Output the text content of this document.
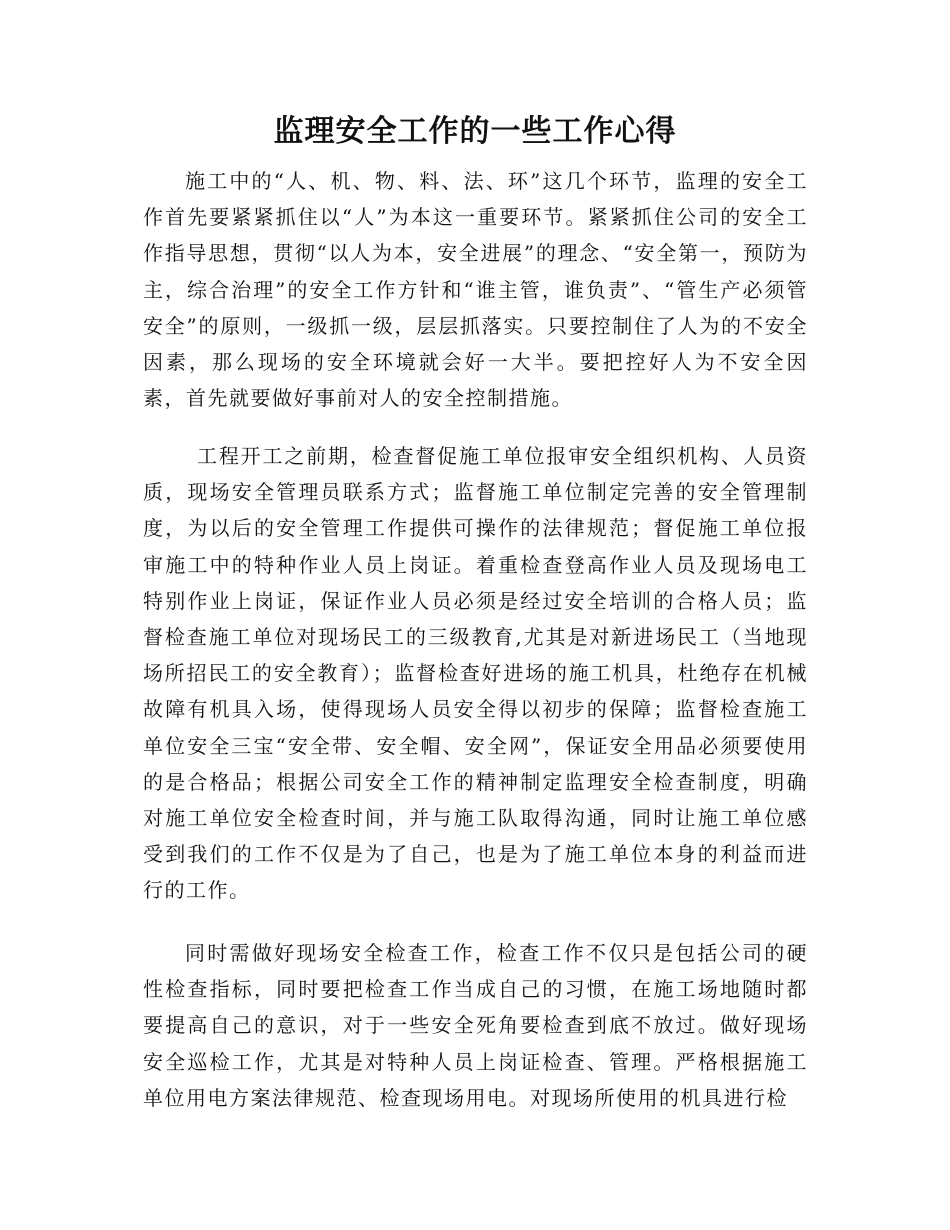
监理安全工作的一些工作心得

施工中的“人、机、物、料、法、环”这几个环节，监理的安全工作首先要紧紧抓住以“人”为本这一重要环节。紧紧抓住公司的安全工作指导思想，贯彻“以人为本，安全进展”的理念、“安全第一，预防为主，综合治理”的安全工作方针和“谁主管，谁负责”、“管生产必须管安全”的原则，一级抓一级，层层抓落实。只要控制住了人为的不安全因素，那么现场的安全环境就会好一大半。要把控好人为不安全因素，首先就要做好事前对人的安全控制措施。

工程开工之前期，检查督促施工单位报审安全组织机构、人员资质，现场安全管理员联系方式；监督施工单位制定完善的安全管理制度，为以后的安全管理工作提供可操作的法律规范；督促施工单位报审施工中的特种作业人员上岗证。着重检查登高作业人员及现场电工特别作业上岗证，保证作业人员必须是经过安全培训的合格人员；监督检查施工单位对现场民工的三级教育,尤其是对新进场民工（当地现场所招民工的安全教育）；监督检查好进场的施工机具，杜绝存在机械故障有机具入场，使得现场人员安全得以初步的保障；监督检查施工单位安全三宝“安全带、安全帽、安全网”，保证安全用品必须要使用的是合格品；根据公司安全工作的精神制定监理安全检查制度，明确对施工单位安全检查时间，并与施工队取得沟通，同时让施工单位感受到我们的工作不仅是为了自己，也是为了施工单位本身的利益而进行的工作。

同时需做好现场安全检查工作，检查工作不仅只是包括公司的硬性检查指标，同时要把检查工作当成自己的习惯，在施工场地随时都要提高自己的意识，对于一些安全死角要检查到底不放过。做好现场安全巡检工作，尤其是对特种人员上岗证检查、管理。严格根据施工单位用电方案法律规范、检查现场用电。对现场所使用的机具进行检
